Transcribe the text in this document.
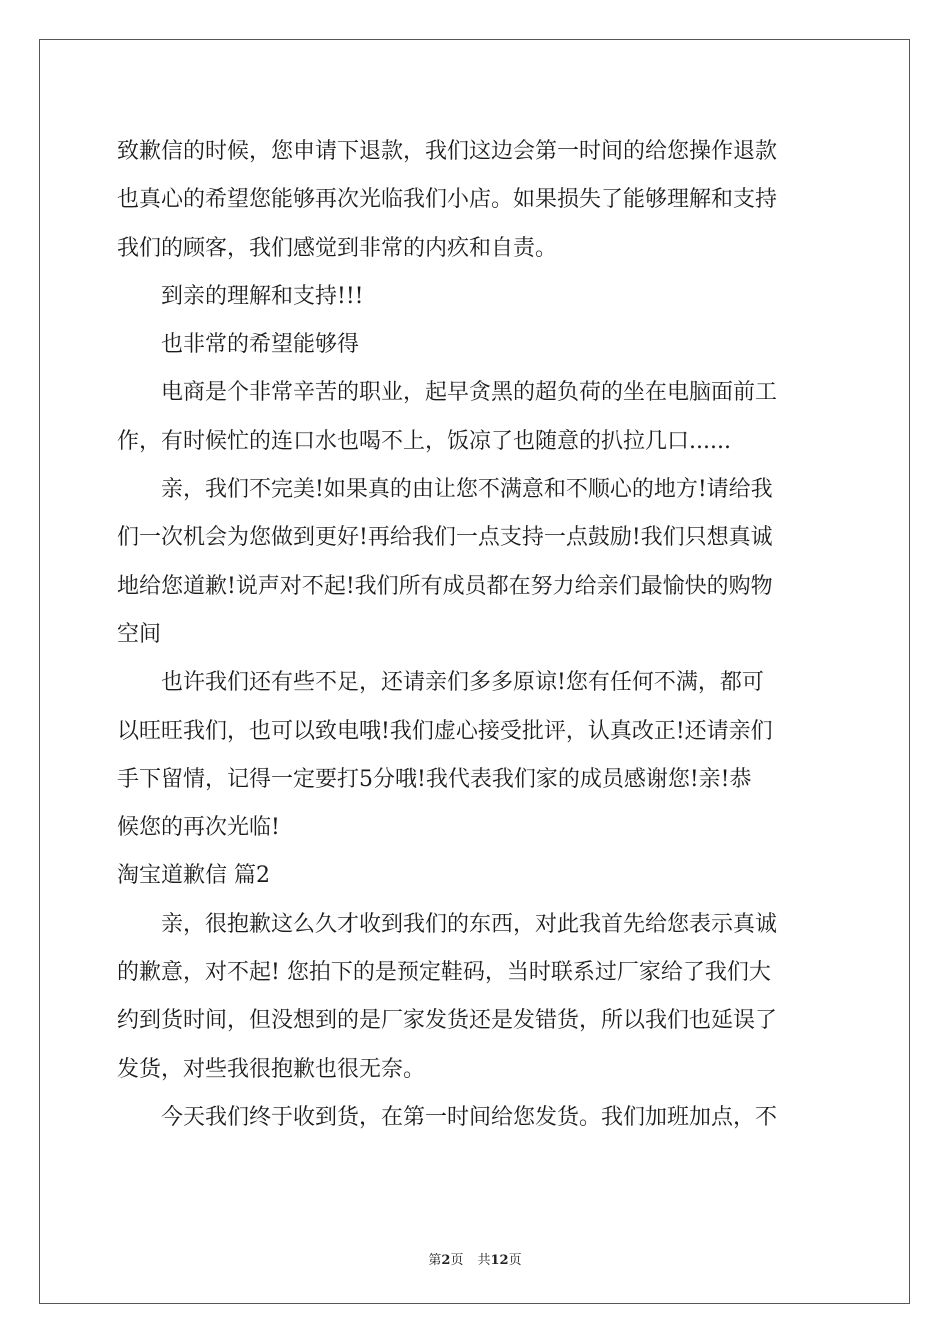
致歉信的时候，您申请下退款，我们这边会第一时间的给您操作退款
也真心的希望您能够再次光临我们小店。如果损失了能够理解和支持
我们的顾客，我们感觉到非常的内疚和自责。
　　到亲的理解和支持!!!
　　也非常的希望能够得
　　电商是个非常辛苦的职业，起早贪黑的超负荷的坐在电脑面前工
作，有时候忙的连口水也喝不上，饭凉了也随意的扒拉几口......
　　亲，我们不完美!如果真的由让您不满意和不顺心的地方!请给我
们一次机会为您做到更好!再给我们一点支持一点鼓励!我们只想真诚
地给您道歉!说声对不起!我们所有成员都在努力给亲们最愉快的购物
空间
　　也许我们还有些不足，还请亲们多多原谅!您有任何不满，都可
以旺旺我们，也可以致电哦!我们虚心接受批评，认真改正!还请亲们
手下留情，记得一定要打5分哦!我代表我们家的成员感谢您!亲!恭
候您的再次光临!
淘宝道歉信 篇2
　　亲，很抱歉这么久才收到我们的东西，对此我首先给您表示真诚
的歉意，对不起! 您拍下的是预定鞋码，当时联系过厂家给了我们大
约到货时间，但没想到的是厂家发货还是发错货，所以我们也延误了
发货，对些我很抱歉也很无奈。
　　今天我们终于收到货，在第一时间给您发货。我们加班加点，不
第2页 共12页
